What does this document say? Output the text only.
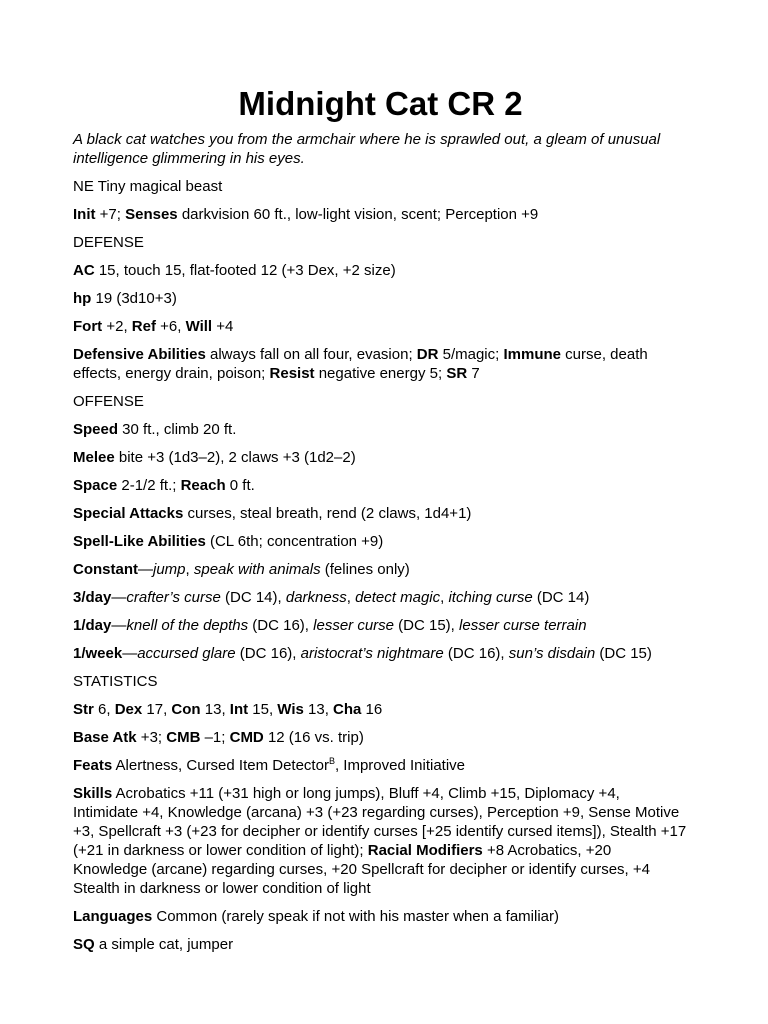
Midnight Cat CR 2

A black cat watches you from the armchair where he is sprawled out, a gleam of unusual intelligence glimmering in his eyes.

NE Tiny magical beast

Init +7; Senses darkvision 60 ft., low-light vision, scent; Perception +9

DEFENSE

AC 15, touch 15, flat-footed 12 (+3 Dex, +2 size)

hp 19 (3d10+3)

Fort +2, Ref +6, Will +4

Defensive Abilities always fall on all four, evasion; DR 5/magic; Immune curse, death effects, energy drain, poison; Resist negative energy 5; SR 7

OFFENSE

Speed 30 ft., climb 20 ft.

Melee bite +3 (1d3–2), 2 claws +3 (1d2–2)

Space 2-1/2 ft.; Reach 0 ft.

Special Attacks curses, steal breath, rend (2 claws, 1d4+1)

Spell-Like Abilities (CL 6th; concentration +9)

Constant—jump, speak with animals (felines only)

3/day—crafter’s curse (DC 14), darkness, detect magic, itching curse (DC 14)

1/day—knell of the depths (DC 16), lesser curse (DC 15), lesser curse terrain

1/week—accursed glare (DC 16), aristocrat’s nightmare (DC 16), sun’s disdain (DC 15)

STATISTICS

Str 6, Dex 17, Con 13, Int 15, Wis 13, Cha 16

Base Atk +3; CMB –1; CMD 12 (16 vs. trip)

Feats Alertness, Cursed Item Detector$^B$, Improved Initiative

Skills Acrobatics +11 (+31 high or long jumps), Bluff +4, Climb +15, Diplomacy +4, Intimidate +4, Knowledge (arcana) +3 (+23 regarding curses), Perception +9, Sense Motive +3, Spellcraft +3 (+23 for decipher or identify curses [+25 identify cursed items]), Stealth +17 (+21 in darkness or lower condition of light); Racial Modifiers +8 Acrobatics, +20 Knowledge (arcane) regarding curses, +20 Spellcraft for decipher or identify curses, +4 Stealth in darkness or lower condition of light

Languages Common (rarely speak if not with his master when a familiar)

SQ a simple cat, jumper
